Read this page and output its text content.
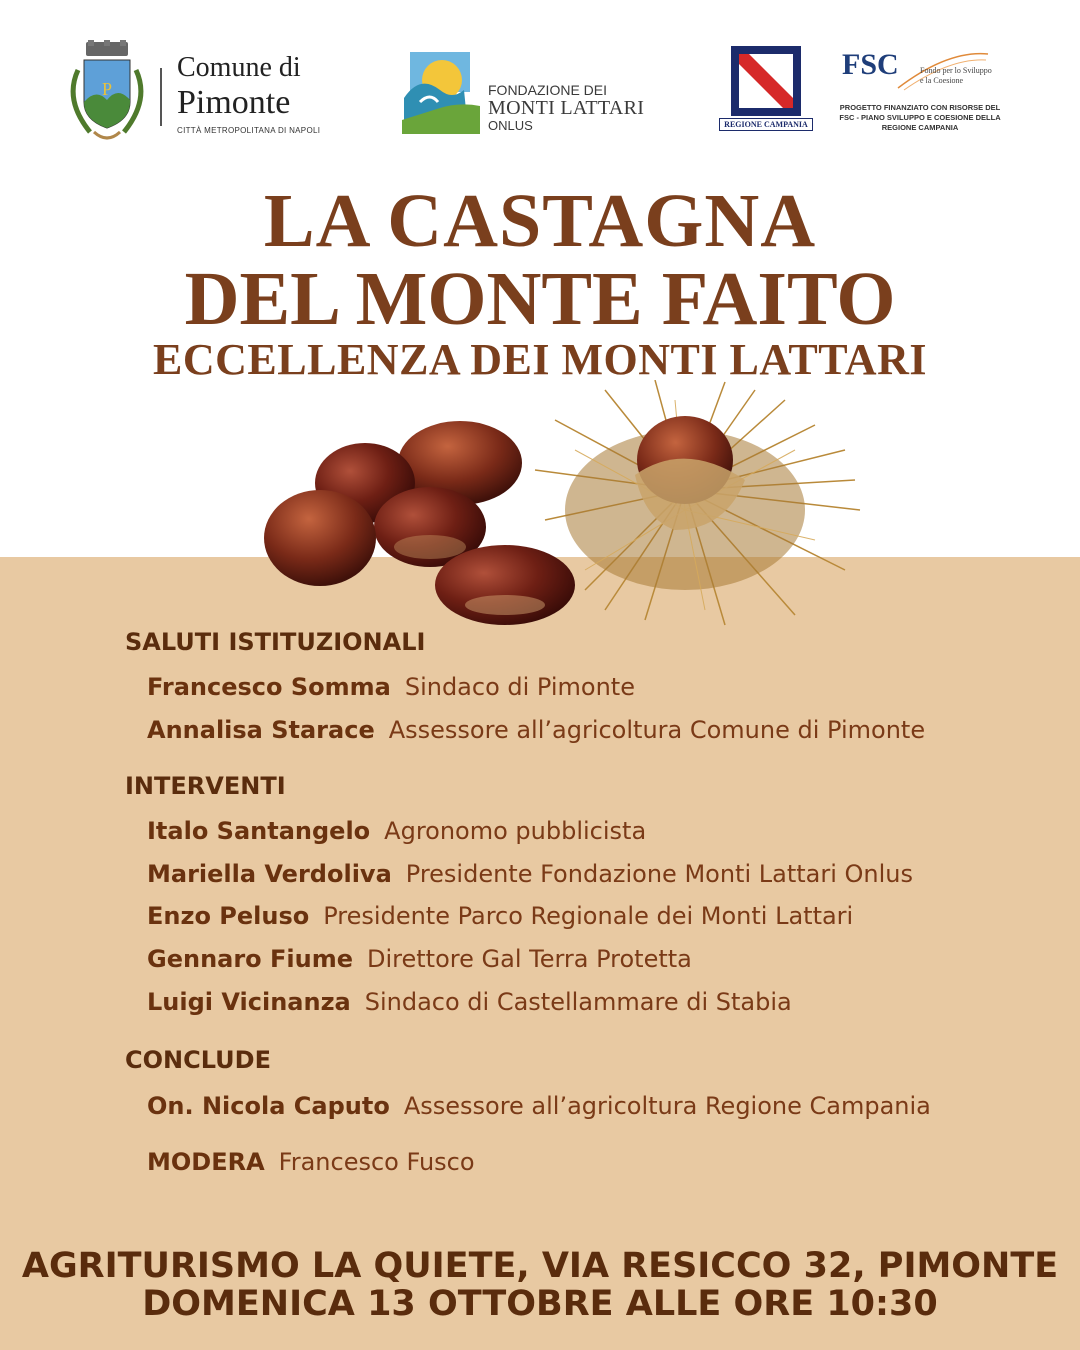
P
Comune di
Pimonte
CITTÀ METROPOLITANA DI NAPOLI
FONDAZIONE DEI
MONTI LATTARI
ONLUS	REGIONE CAMPANIA
FSC	Fondo per lo Sviluppo
e la Coesione
PROGETTO FINANZIATO CON RISORSE DEL FSC - PIANO SVILUPPO E COESIONE DELLA REGIONE CAMPANIA
LA CASTAGNA
DEL MONTE FAITO
ECCELLENZA DEI MONTI LATTARI
SALUTI ISTITUZIONALI
Francesco Somma Sindaco di Pimonte
Annalisa Starace Assessore all’agricoltura Comune di Pimonte
INTERVENTI
Italo Santangelo Agronomo pubblicista
Mariella Verdoliva Presidente Fondazione Monti Lattari Onlus
Enzo Peluso Presidente Parco Regionale dei Monti Lattari
Gennaro Fiume Direttore Gal Terra Protetta
Luigi Vicinanza Sindaco di Castellammare di Stabia
CONCLUDE
On. Nicola Caputo Assessore all’agricoltura Regione Campania
MODERA Francesco Fusco
AGRITURISMO LA QUIETE, VIA RESICCO 32, PIMONTE
DOMENICA 13 OTTOBRE ALLE ORE 10:30
